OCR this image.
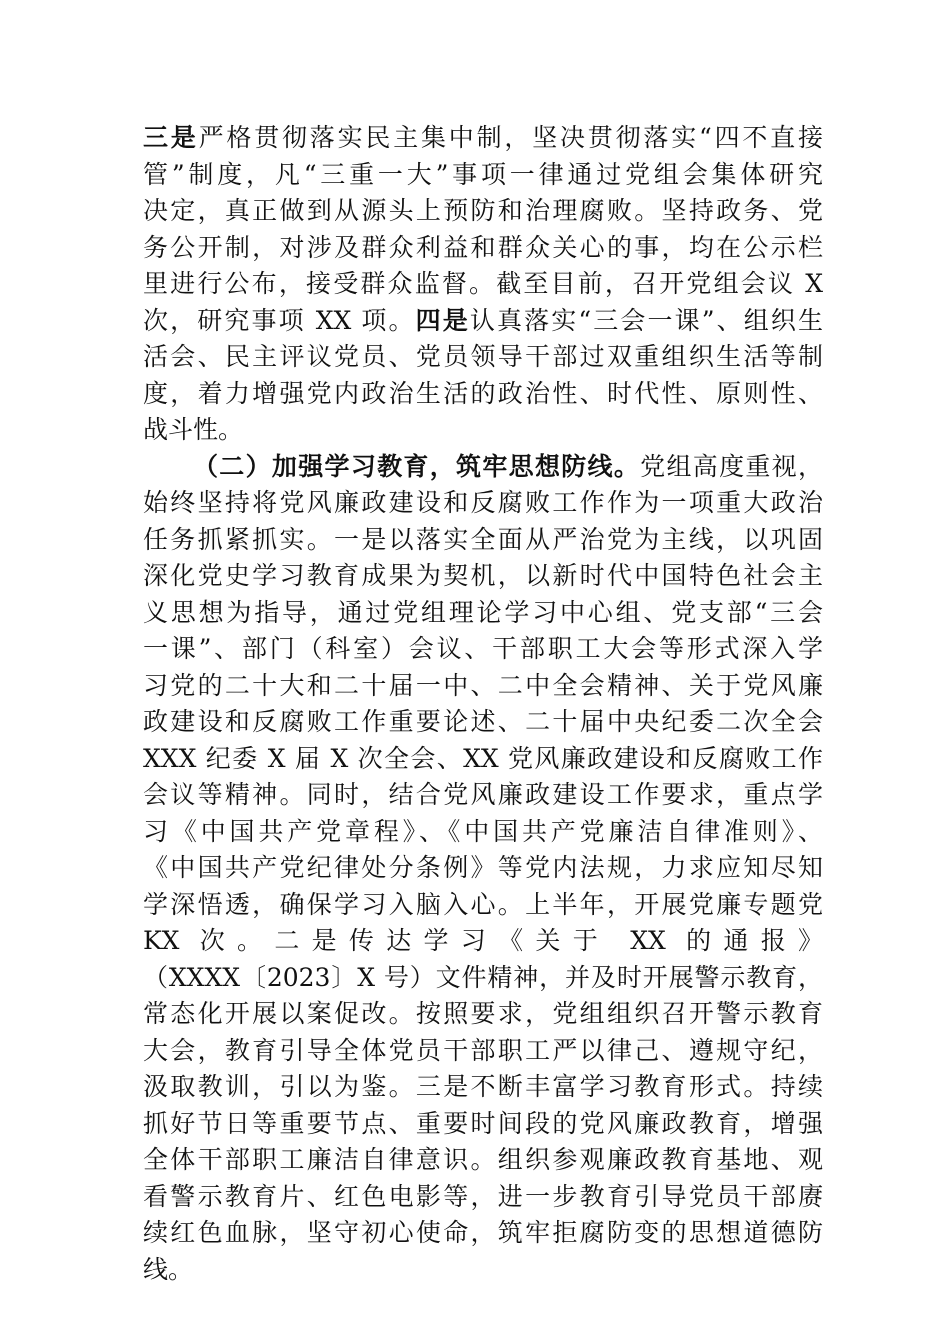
三是严格贯彻落实民主集中制，坚决贯彻落实“四不直接
管”制度，凡“三重一大”事项一律通过党组会集体研究
决定，真正做到从源头上预防和治理腐败。坚持政务、党
务公开制，对涉及群众利益和群众关心的事，均在公示栏
里进行公布，接受群众监督。截至目前，召开党组会议 X
次，研究事项 XX 项。四是认真落实“三会一课”、组织生
活会、民主评议党员、党员领导干部过双重组织生活等制
度，着力增强党内政治生活的政治性、时代性、原则性、
战斗性。
（二）加强学习教育，筑牢思想防线。党组高度重视，
始终坚持将党风廉政建设和反腐败工作作为一项重大政治
任务抓紧抓实。一是以落实全面从严治党为主线，以巩固
深化党史学习教育成果为契机，以新时代中国特色社会主
义思想为指导，通过党组理论学习中心组、党支部“三会
一课”、部门（科室）会议、干部职工大会等形式深入学
习党的二十大和二十届一中、二中全会精神、关于党风廉
政建设和反腐败工作重要论述、二十届中央纪委二次全会
XXX 纪委 X 届 X 次全会、XX 党风廉政建设和反腐败工作
会议等精神。同时，结合党风廉政建设工作要求，重点学
习《中国共产党章程》、《中国共产党廉洁自律准则》、
《中国共产党纪律处分条例》等党内法规，力求应知尽知
学深悟透，确保学习入脑入心。上半年，开展党廉专题党
KX 次。二是传达学习《关于 XX 的通报》
（XXXX〔2023〕X 号）文件精神，并及时开展警示教育，
常态化开展以案促改。按照要求，党组组织召开警示教育
大会，教育引导全体党员干部职工严以律己、遵规守纪，
汲取教训，引以为鉴。三是不断丰富学习教育形式。持续
抓好节日等重要节点、重要时间段的党风廉政教育，增强
全体干部职工廉洁自律意识。组织参观廉政教育基地、观
看警示教育片、红色电影等，进一步教育引导党员干部赓
续红色血脉，坚守初心使命，筑牢拒腐防变的思想道德防
线。
